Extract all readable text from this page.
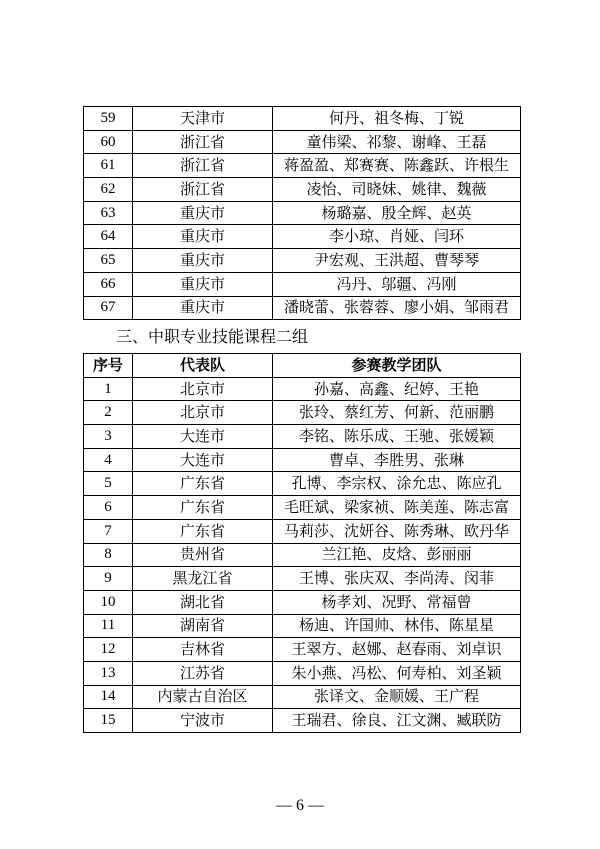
59	天津市	何丹、祖冬梅、丁锐
60	浙江省	童伟梁、祁黎、谢峰、王磊
61	浙江省	蒋盈盈、郑赛赛、陈鑫跃、许根生
62	浙江省	凌怡、司晓妹、姚律、魏薇
63	重庆市	杨璐嘉、殷全辉、赵英
64	重庆市	李小琼、肖娅、闫环
65	重庆市	尹宏观、王洪超、曹琴琴
66	重庆市	冯丹、邬疆、冯刚
67	重庆市	潘晓蕾、张蓉蓉、廖小娟、邹雨君
三、中职专业技能课程二组
序号	代表队	参赛教学团队
1	北京市	孙嘉、高鑫、纪婷、王艳
2	北京市	张玲、蔡红芳、何新、范丽鹏
3	大连市	李铭、陈乐成、王驰、张媛颖
4	大连市	曹卓、李胜男、张琳
5	广东省	孔博、李宗权、涂允忠、陈应孔
6	广东省	毛旺斌、梁家祯、陈美莲、陈志富
7	广东省	马莉莎、沈妍谷、陈秀琳、欧丹华
8	贵州省	兰江艳、皮焓、彭丽丽
9	黑龙江省	王博、张庆双、李尚涛、闵菲
10	湖北省	杨孝刘、况野、常福曾
11	湖南省	杨迪、许国帅、林伟、陈星星
12	吉林省	王翠方、赵娜、赵春雨、刘卓识
13	江苏省	朱小燕、冯松、何寿柏、刘圣颖
14	内蒙古自治区	张译文、金顺媛、王广程
15	宁波市	王瑞君、徐良、江文渊、臧联防
— 6 —
